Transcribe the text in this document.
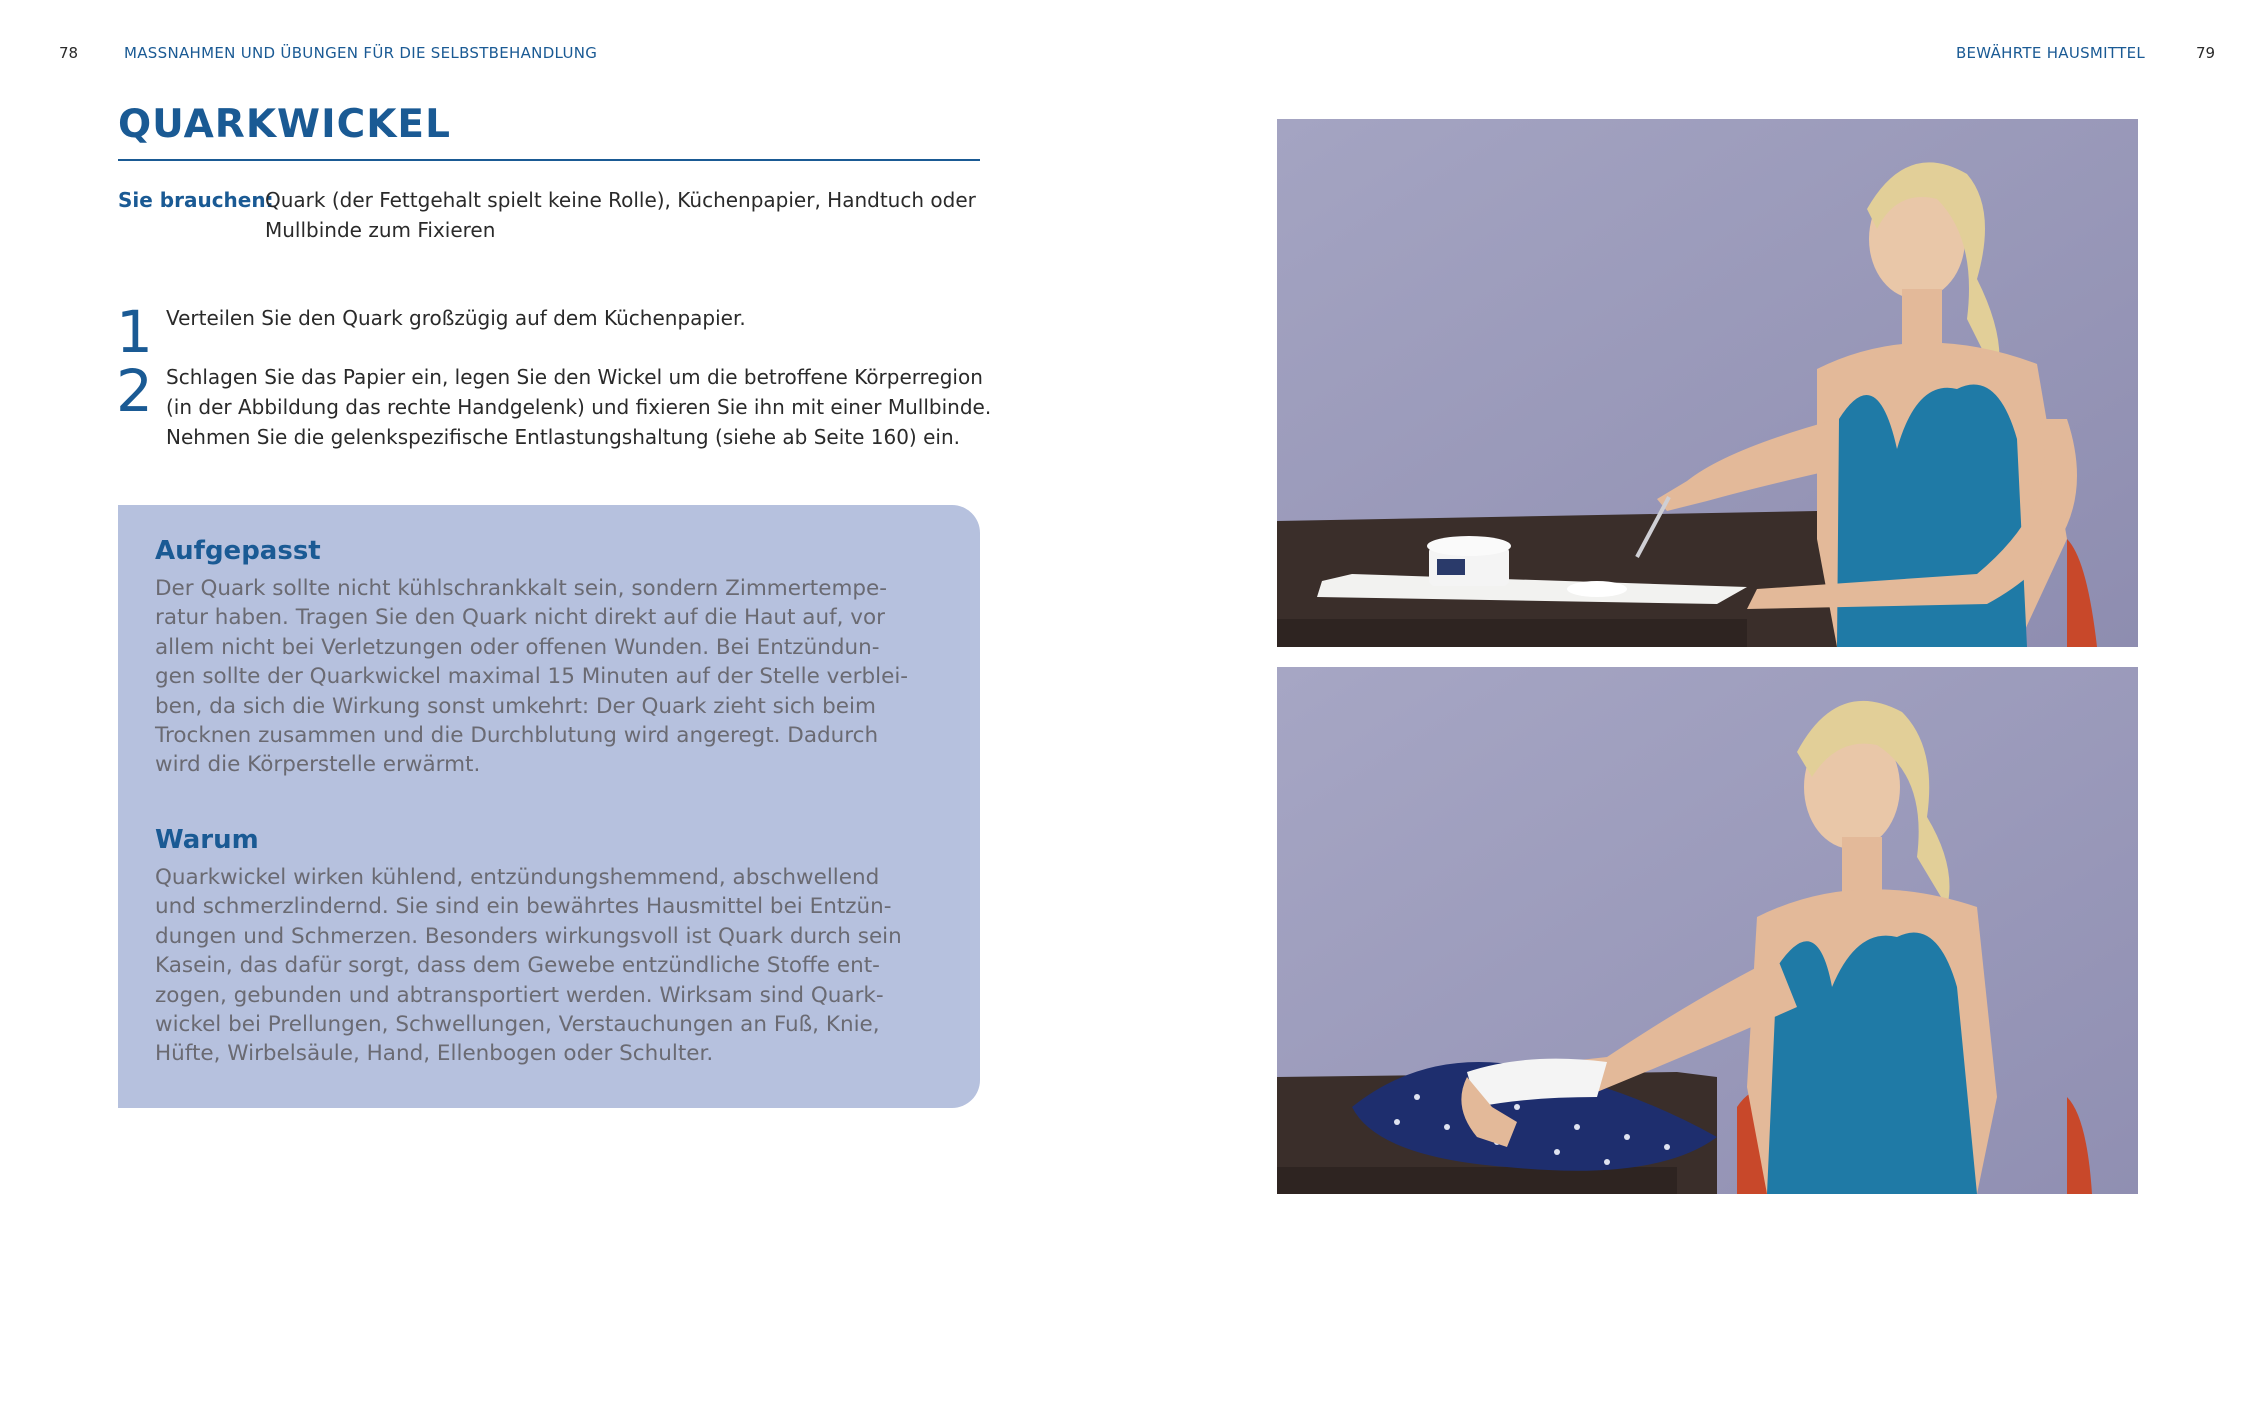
78	MASSNAHMEN UND ÜBUNGEN FÜR DIE SELBSTBEHANDLUNG	BEWÄHRTE HAUSMITTEL	79
QUARKWICKEL
Sie brauchen:
Quark (der Fettgehalt spielt keine Rolle), Küchenpapier, Handtuch oder
Mullbinde zum Fixieren
1 Verteilen Sie den Quark großzügig auf dem Küchenpapier.
2 Schlagen Sie das Papier ein, legen Sie den Wickel um die betroffene Körperregion
(in der Abbildung das rechte Handgelenk) und fixieren Sie ihn mit einer Mullbinde.
Nehmen Sie die gelenkspezifische Entlastungshaltung (siehe ab Seite 160) ein.
Aufgepasst
Der Quark sollte nicht kühlschrankkalt sein, sondern Zimmertempe-
ratur haben. Tragen Sie den Quark nicht direkt auf die Haut auf, vor
allem nicht bei Verletzungen oder offenen Wunden. Bei Entzündun-
gen sollte der Quarkwickel maximal 15 Minuten auf der Stelle verblei-
ben, da sich die Wirkung sonst umkehrt: Der Quark zieht sich beim
Trocknen zusammen und die Durchblutung wird angeregt. Dadurch
wird die Körperstelle erwärmt.
Warum
Quarkwickel wirken kühlend, entzündungshemmend, abschwellend
und schmerzlindernd. Sie sind ein bewährtes Hausmittel bei Entzün-
dungen und Schmerzen. Besonders wirkungsvoll ist Quark durch sein
Kasein, das dafür sorgt, dass dem Gewebe entzündliche Stoffe ent-
zogen, gebunden und abtransportiert werden. Wirksam sind Quark-
wickel bei Prellungen, Schwellungen, Verstauchungen an Fuß, Knie,
Hüfte, Wirbelsäule, Hand, Ellenbogen oder Schulter.
